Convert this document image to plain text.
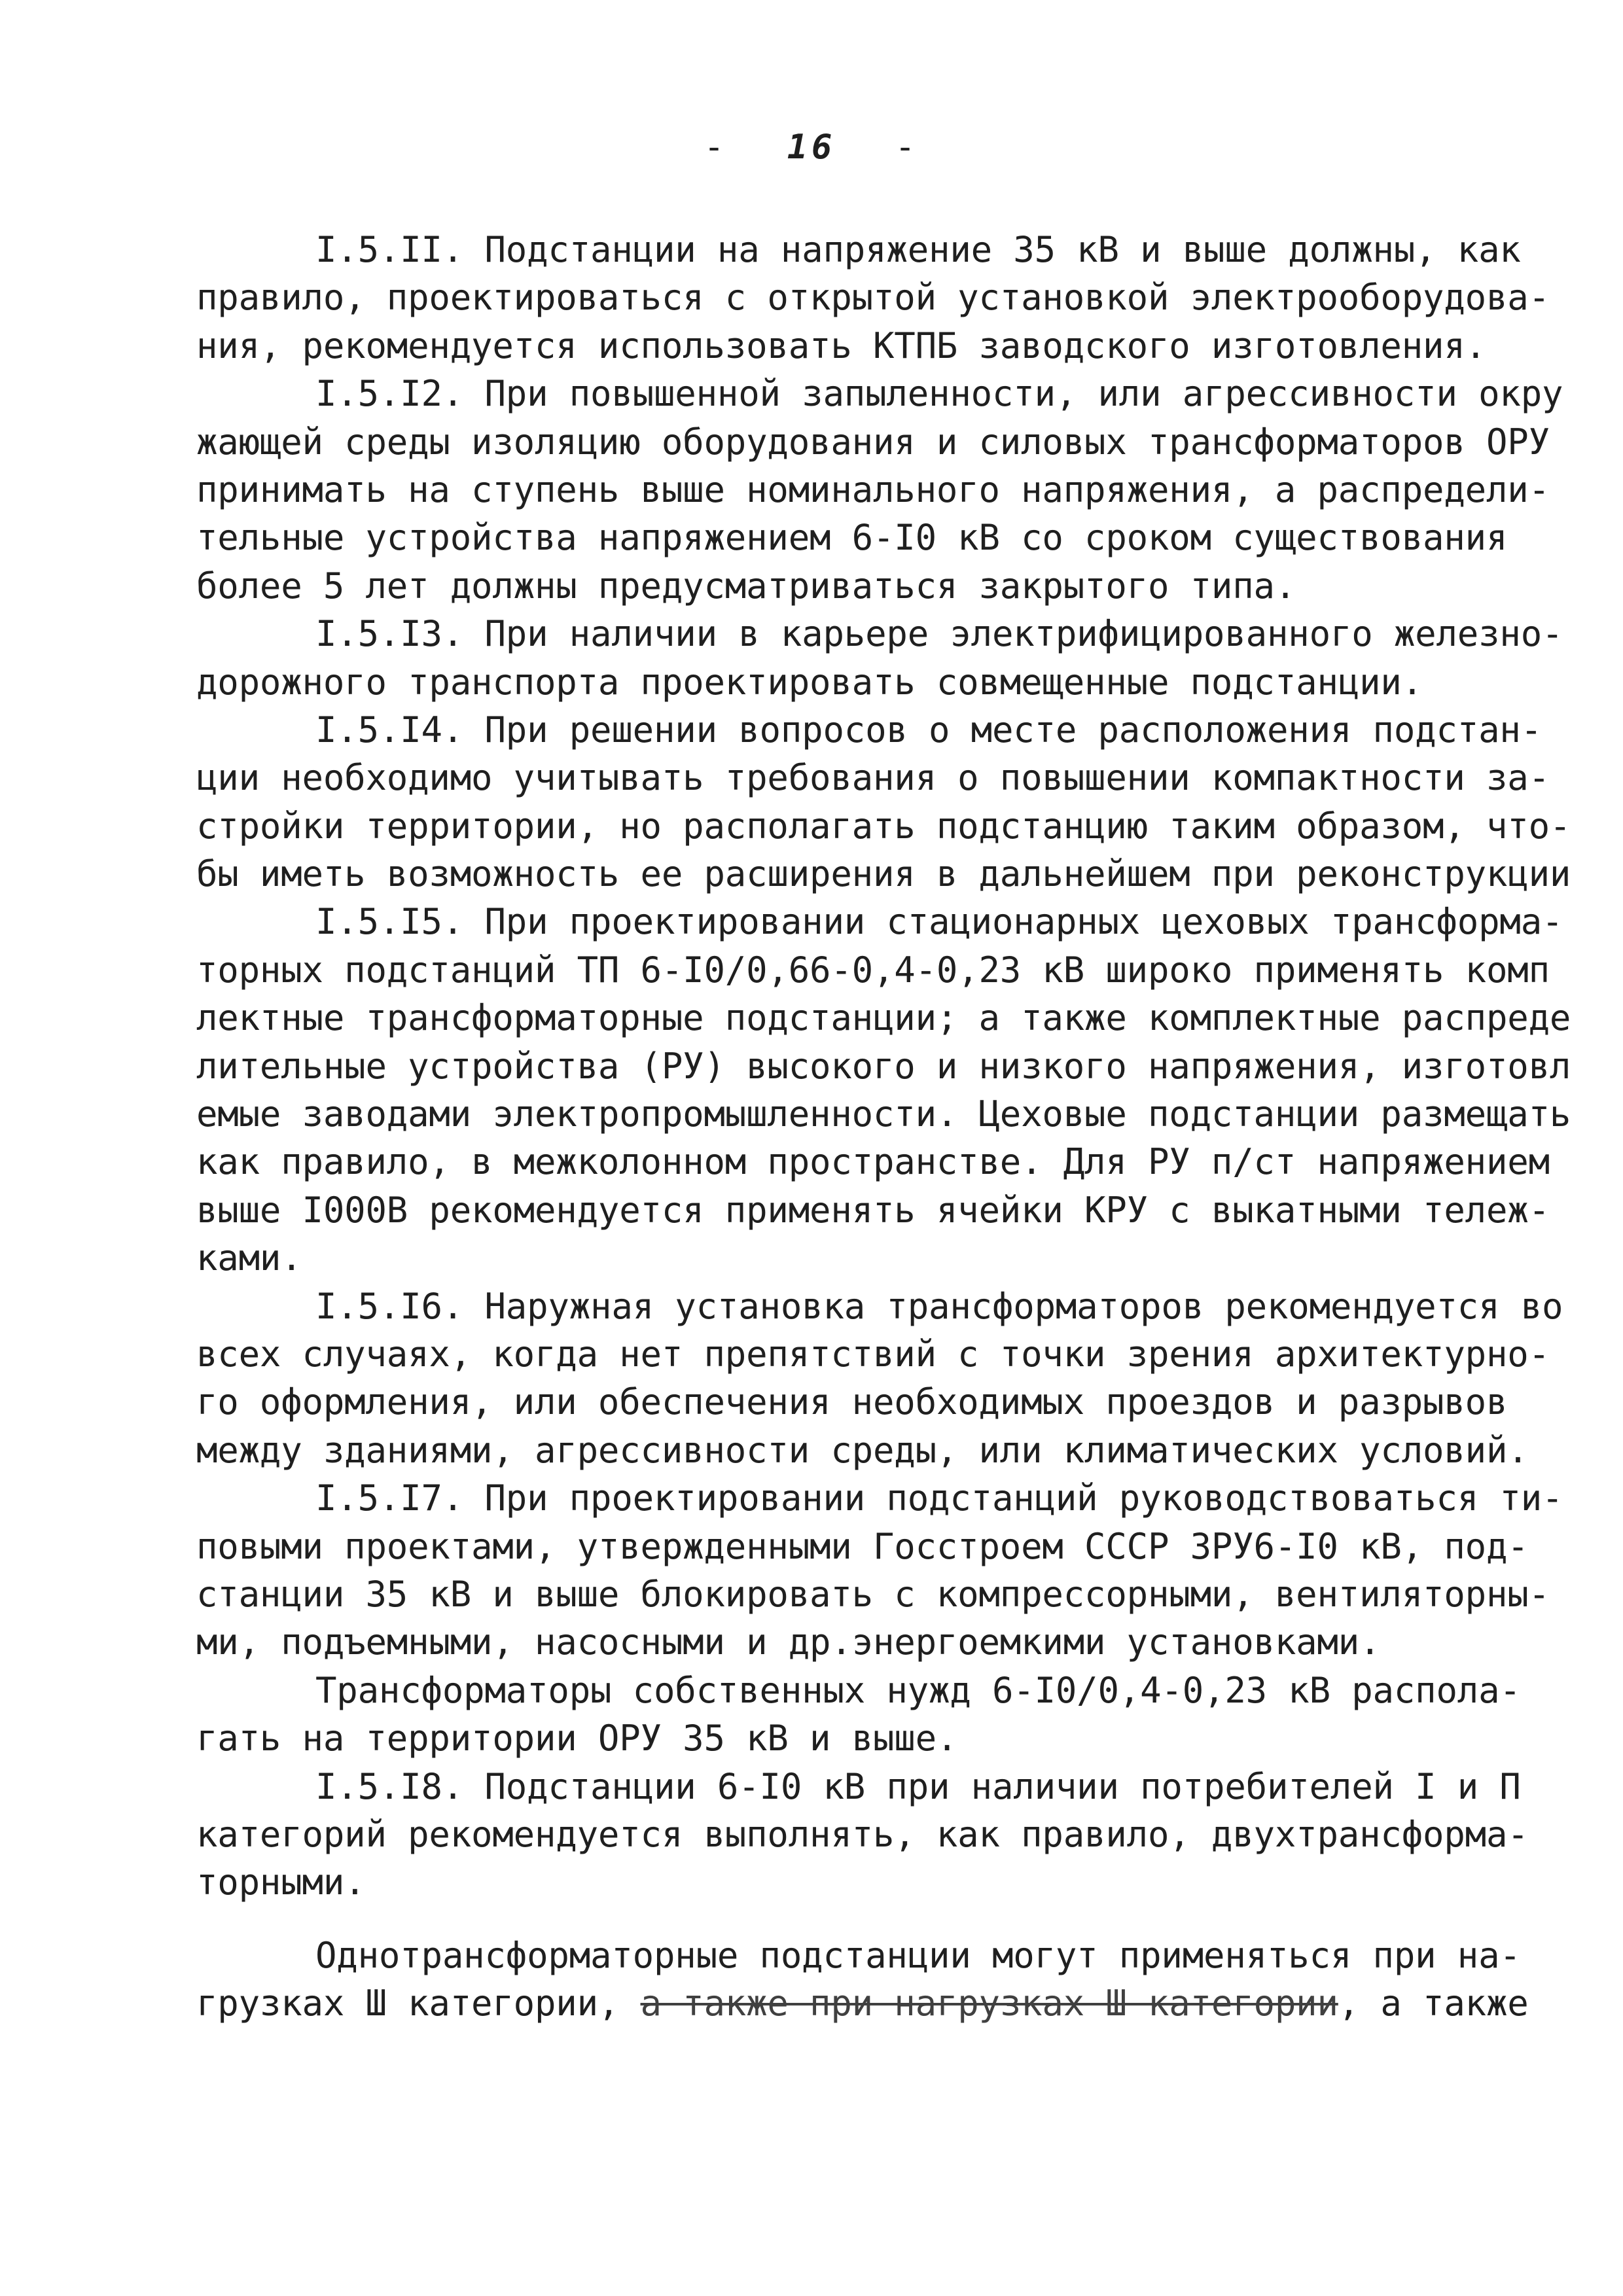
- 16 -
I.5.II. Подстанции на напряжение 35 кВ и выше должны, как
правило, проектироваться с открытой установкой электрооборудова-
ния, рекомендуется использовать КТПБ заводского изготовления.
I.5.I2. При повышенной запыленности, или агрессивности окру
жающей среды изоляцию оборудования и силовых трансформаторов ОРУ
принимать на ступень выше номинального напряжения, а распредели-
тельные устройства напряжением 6-I0 кВ со сроком существования
более 5 лет должны предусматриваться закрытого типа.
I.5.I3. При наличии в карьере электрифицированного железно-
дорожного транспорта проектировать совмещенные подстанции.
I.5.I4. При решении вопросов о месте расположения подстан-
ции необходимо учитывать требования о повышении компактности за-
стройки территории, но располагать подстанцию таким образом, что-
бы иметь возможность ее расширения в дальнейшем при реконструкции
I.5.I5. При проектировании стационарных цеховых трансформа-
торных подстанций ТП 6-I0/0,66-0,4-0,23 кВ широко применять комп
лектные трансформаторные подстанции; а также комплектные распреде
лительные устройства (РУ) высокого и низкого напряжения, изготовл
емые заводами электропромышленности. Цеховые подстанции размещать
как правило, в межколонном пространстве. Для РУ п/ст напряжением
выше I000В рекомендуется применять ячейки КРУ с выкатными тележ-
ками.
I.5.I6. Наружная установка трансформаторов рекомендуется во
всех случаях, когда нет препятствий с точки зрения архитектурно-
го оформления, или обеспечения необходимых проездов и разрывов
между зданиями, агрессивности среды, или климатических условий.
I.5.I7. При проектировании подстанций руководствоваться ти-
повыми проектами, утвержденными Госстроем СССР ЗРУ6-I0 кВ, под-
станции 35 кВ и выше блокировать с компрессорными, вентиляторны-
ми, подъемными, насосными и др.энергоемкими установками.
Трансформаторы собственных нужд 6-I0/0,4-0,23 кВ распола-
гать на территории ОРУ 35 кВ и выше.
I.5.I8. Подстанции 6-I0 кВ при наличии потребителей I и П
категорий рекомендуется выполнять, как правило, двухтрансформа-
торными.
Однотрансформаторные подстанции могут применяться при на-
грузках Ш категории, а также при нагрузках Ш категории, а также
